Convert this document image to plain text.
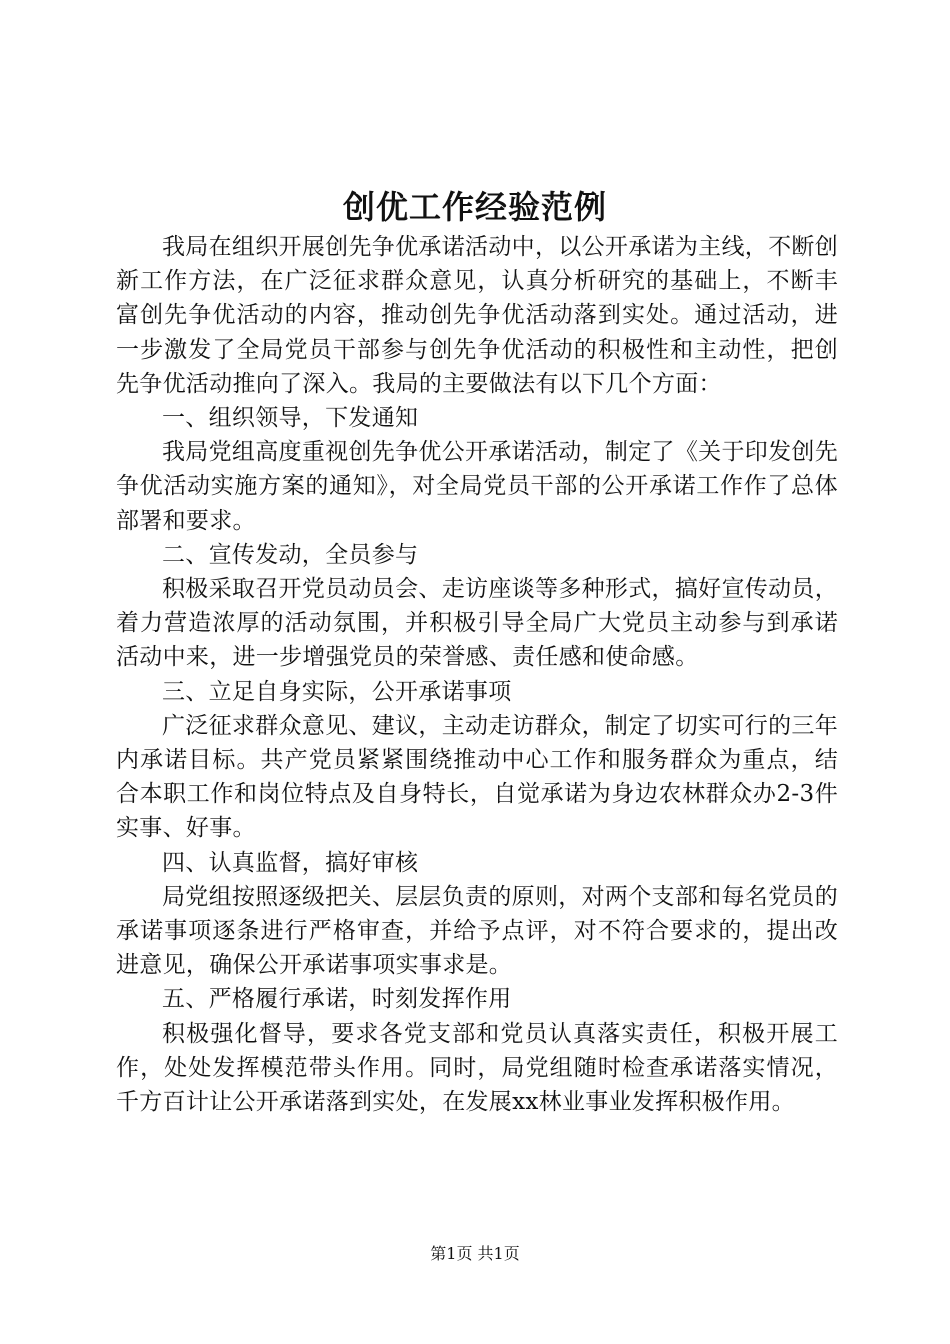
创优工作经验范例

我局在组织开展创先争优承诺活动中，以公开承诺为主线，不断创新工作方法，在广泛征求群众意见，认真分析研究的基础上，不断丰富创先争优活动的内容，推动创先争优活动落到实处。通过活动，进一步激发了全局党员干部参与创先争优活动的积极性和主动性，把创先争优活动推向了深入。我局的主要做法有以下几个方面：

一、组织领导，下发通知

我局党组高度重视创先争优公开承诺活动，制定了《关于印发创先争优活动实施方案的通知》，对全局党员干部的公开承诺工作作了总体部署和要求。

二、宣传发动，全员参与

积极采取召开党员动员会、走访座谈等多种形式，搞好宣传动员，着力营造浓厚的活动氛围，并积极引导全局广大党员主动参与到承诺活动中来，进一步增强党员的荣誉感、责任感和使命感。

三、立足自身实际，公开承诺事项

广泛征求群众意见、建议，主动走访群众，制定了切实可行的三年内承诺目标。共产党员紧紧围绕推动中心工作和服务群众为重点，结合本职工作和岗位特点及自身特长，自觉承诺为身边农林群众办2-3件实事、好事。

四、认真监督，搞好审核

局党组按照逐级把关、层层负责的原则，对两个支部和每名党员的承诺事项逐条进行严格审查，并给予点评，对不符合要求的，提出改进意见，确保公开承诺事项实事求是。

五、严格履行承诺，时刻发挥作用

积极强化督导，要求各党支部和党员认真落实责任，积极开展工作，处处发挥模范带头作用。同时，局党组随时检查承诺落实情况，千方百计让公开承诺落到实处，在发展xx林业事业发挥积极作用。

第1页 共1页
